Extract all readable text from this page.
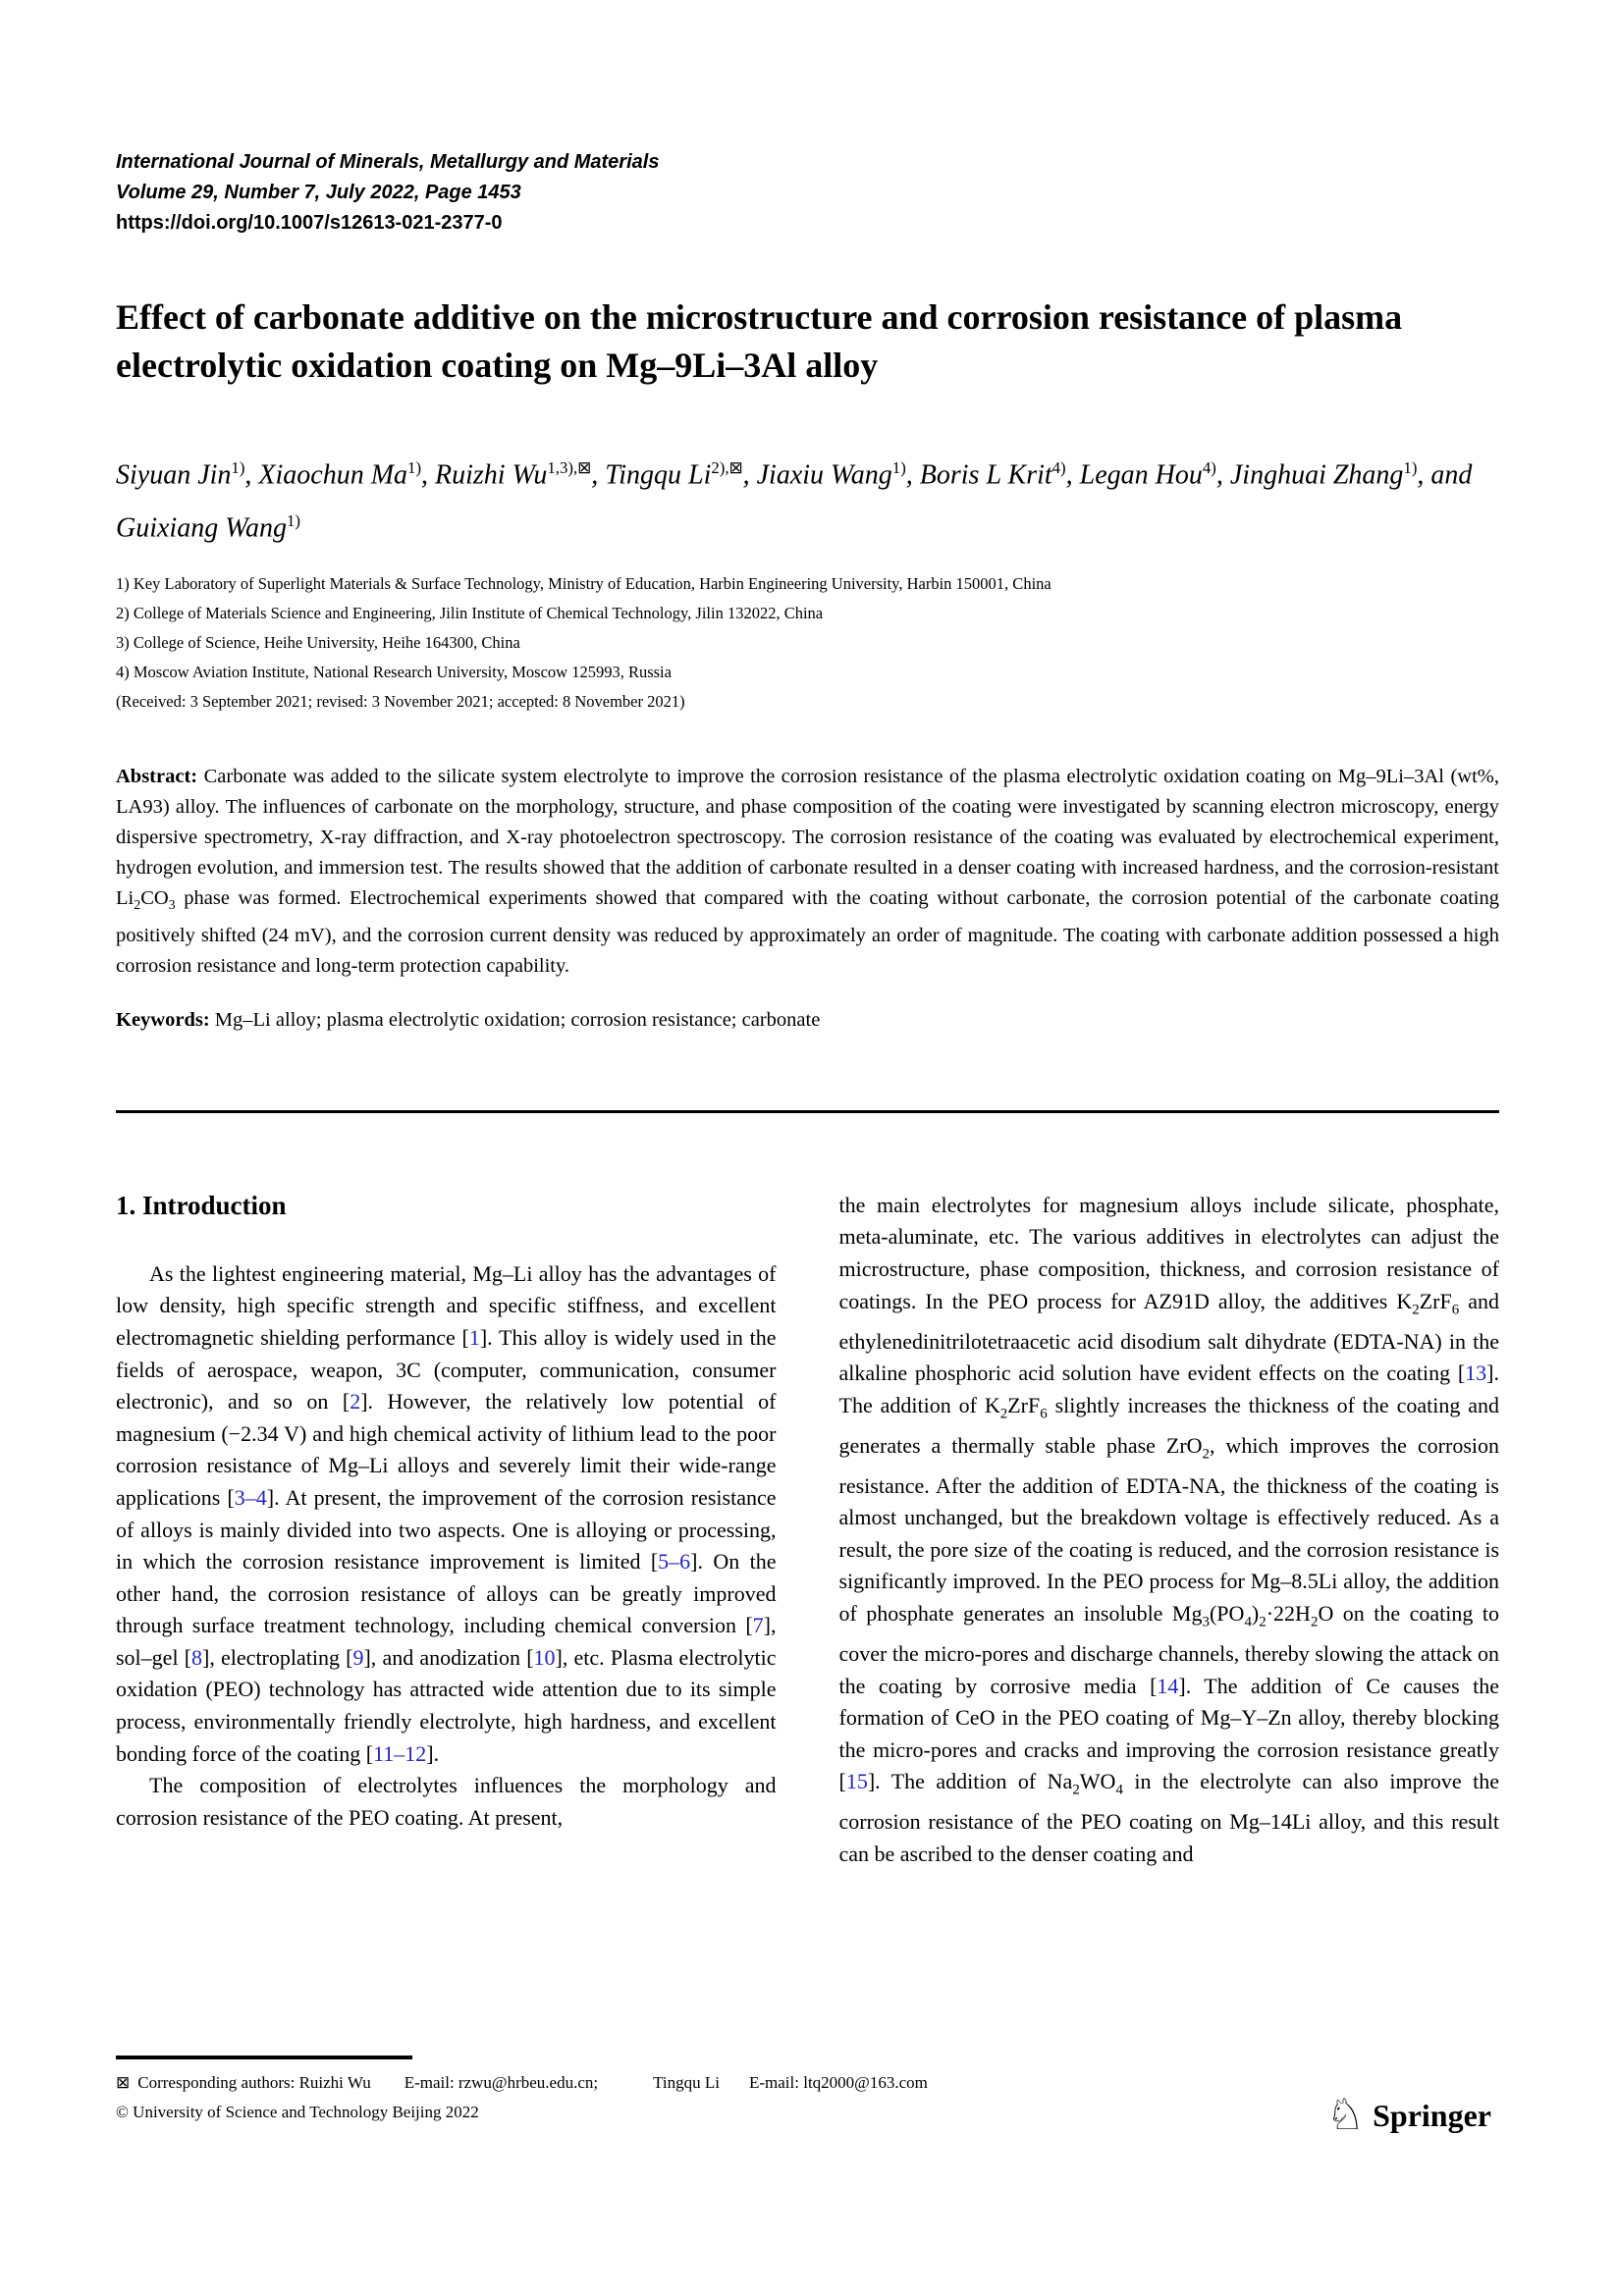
International Journal of Minerals, Metallurgy and Materials
Volume 29, Number 7, July 2022, Page 1453
https://doi.org/10.1007/s12613-021-2377-0
Effect of carbonate additive on the microstructure and corrosion resistance of plasma electrolytic oxidation coating on Mg–9Li–3Al alloy
Siyuan Jin$^{1)}$, Xiaochun Ma$^{1)}$, Ruizhi $Wu^{1,3),⊠}$, Tingqu $Li^{2),⊠}$, Jiaxiu Wang$^{1)}$, Boris L Krit$^{4)}$, Legan Hou$^{4)}$, Jinghuai Zhang$^{1)}$, and Guixiang Wang$^{1)}$
1) Key Laboratory of Superlight Materials & Surface Technology, Ministry of Education, Harbin Engineering University, Harbin 150001, China
2) College of Materials Science and Engineering, Jilin Institute of Chemical Technology, Jilin 132022, China
3) College of Science, Heihe University, Heihe 164300, China
4) Moscow Aviation Institute, National Research University, Moscow 125993, Russia
(Received: 3 September 2021; revised: 3 November 2021; accepted: 8 November 2021)

Abstract: Carbonate was added to the silicate system electrolyte to improve the corrosion resistance of the plasma electrolytic oxidation coating on Mg–9Li–3Al (wt%, LA93) alloy. The influences of carbonate on the morphology, structure, and phase composition of the coating were investigated by scanning electron microscopy, energy dispersive spectrometry, X-ray diffraction, and X-ray photoelectron spectroscopy. The corrosion resistance of the coating was evaluated by electrochemical experiment, hydrogen evolution, and immersion test. The results showed that the addition of carbonate resulted in a denser coating with increased hardness, and the corrosion-resistant $Li_2CO_3$ phase was formed. Electrochemical experiments showed that compared with the coating without carbonate, the corrosion potential of the carbonate coating positively shifted (24 mV), and the corrosion current density was reduced by approximately an order of magnitude. The coating with carbonate addition possessed a high corrosion resistance and long-term protection capability.

Keywords: Mg–Li alloy; plasma electrolytic oxidation; corrosion resistance; carbonate

1. Introduction

As the lightest engineering material, Mg–Li alloy has the advantages of low density, high specific strength and specific stiffness, and excellent electromagnetic shielding performance [1]. This alloy is widely used in the fields of aerospace, weapon, 3C (computer, communication, consumer electronic), and so on [2]. However, the relatively low potential of magnesium (−2.34 V) and high chemical activity of lithium lead to the poor corrosion resistance of Mg–Li alloys and severely limit their wide-range applications [3–4]. At present, the improvement of the corrosion resistance of alloys is mainly divided into two aspects. One is alloying or processing, in which the corrosion resistance improvement is limited [5–6]. On the other hand, the corrosion resistance of alloys can be greatly improved through surface treatment technology, including chemical conversion [7], sol–gel [8], electroplating [9], and anodization [10], etc. Plasma electrolytic oxidation (PEO) technology has attracted wide attention due to its simple process, environmentally friendly electrolyte, high hardness, and excellent bonding force of the coating [11–12].

The composition of electrolytes influences the morphology and corrosion resistance of the PEO coating. At present,

the main electrolytes for magnesium alloys include silicate, phosphate, meta-aluminate, etc. The various additives in electrolytes can adjust the microstructure, phase composition, thickness, and corrosion resistance of coatings. In the PEO process for AZ91D alloy, the additives $K_2ZrF_6$ and ethylenedinitrilotetraacetic acid disodium salt dihydrate (EDTA-NA) in the alkaline phosphoric acid solution have evident effects on the coating [13]. The addition of $K_2ZrF_6$ slightly increases the thickness of the coating and generates a thermally stable phase ZrO$_2$, which improves the corrosion resistance. After the addition of EDTA-NA, the thickness of the coating is almost unchanged, but the breakdown voltage is effectively reduced. As a result, the pore size of the coating is reduced, and the corrosion resistance is significantly improved. In the PEO process for Mg–8.5Li alloy, the addition of phosphate generates an insoluble $Mg_3(PO_4)_2\cdot 22H_2O$ on the coating to cover the micro-pores and discharge channels, thereby slowing the attack on the coating by corrosive media [14]. The addition of Ce causes the formation of CeO in the PEO coating of Mg–Y–Zn alloy, thereby blocking the micro-pores and cracks and improving the corrosion resistance greatly [15]. The addition of $Na_2WO_4$ in the electrolyte can also improve the corrosion resistance of the PEO coating on Mg–14Li alloy, and this result can be ascribed to the denser coating and

⊠ Corresponding authors: Ruizhi Wu E-mail: rzwu@hrbeu.edu.cn;	Tingqu Li E-mail: ltq2000@163.com
© University of Science and Technology Beijing 2022	♘ Springer
